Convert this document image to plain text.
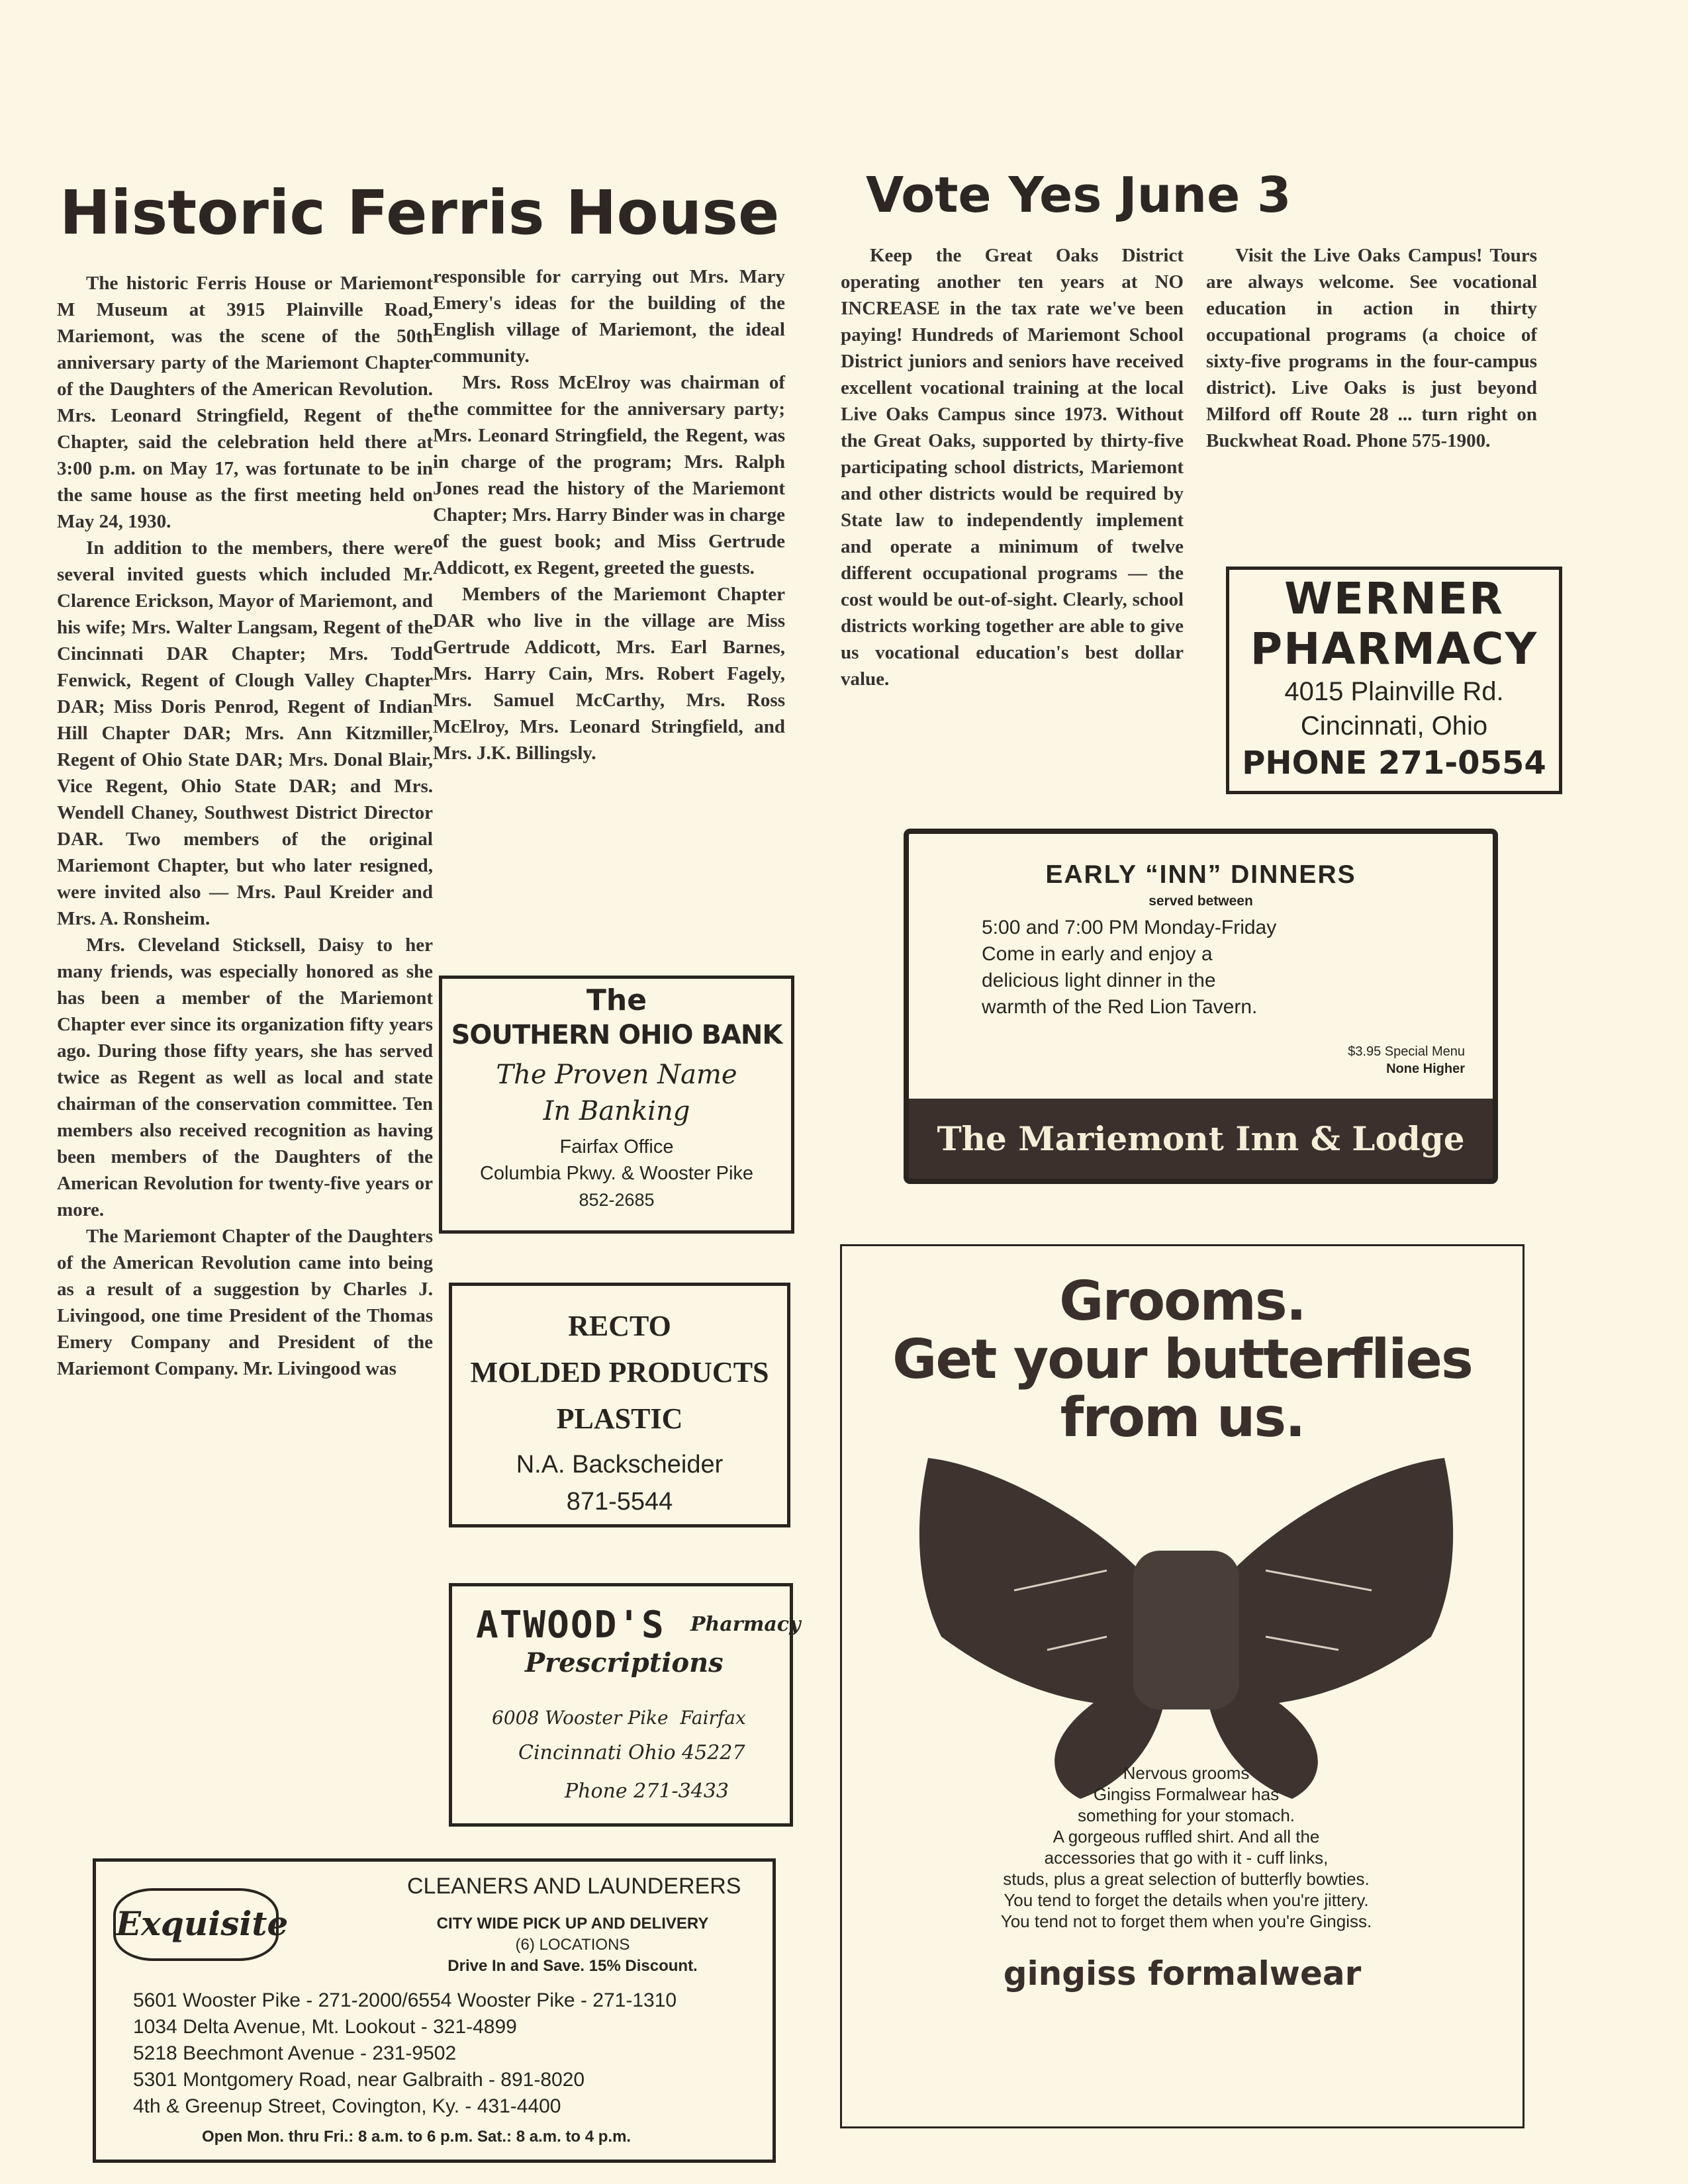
Historic Ferris House

The historic Ferris House or Mariemont M Museum at 3915 Plainville Road, Mariemont, was the scene of the 50th anniversary party of the Mariemont Chapter of the Daughters of the American Revolution. Mrs. Leonard Stringfield, Regent of the Chapter, said the celebration held there at 3:00 p.m. on May 17, was fortunate to be in the same house as the first meeting held on May 24, 1930.

In addition to the members, there were several invited guests which included Mr. Clarence Erickson, Mayor of Mariemont, and his wife; Mrs. Walter Langsam, Regent of the Cincinnati DAR Chapter; Mrs. Todd Fenwick, Regent of Clough Valley Chapter DAR; Miss Doris Penrod, Regent of Indian Hill Chapter DAR; Mrs. Ann Kitzmiller, Regent of Ohio State DAR; Mrs. Donal Blair, Vice Regent, Ohio State DAR; and Mrs. Wendell Chaney, Southwest District Director DAR. Two members of the original Mariemont Chapter, but who later resigned, were invited also — Mrs. Paul Kreider and Mrs. A. Ronsheim.

Mrs. Cleveland Sticksell, Daisy to her many friends, was especially honored as she has been a member of the Mariemont Chapter ever since its organization fifty years ago. During those fifty years, she has served twice as Regent as well as local and state chairman of the conservation committee. Ten members also received recognition as having been members of the Daughters of the American Revolution for twenty-five years or more.

The Mariemont Chapter of the Daughters of the American Revolution came into being as a result of a suggestion by Charles J. Livingood, one time President of the Thomas Emery Company and President of the Mariemont Company. Mr. Livingood was

responsible for carrying out Mrs. Mary Emery's ideas for the building of the English village of Mariemont, the ideal community.

Mrs. Ross McElroy was chairman of the committee for the anniversary party; Mrs. Leonard Stringfield, the Regent, was in charge of the program; Mrs. Ralph Jones read the history of the Mariemont Chapter; Mrs. Harry Binder was in charge of the guest book; and Miss Gertrude Addicott, ex Regent, greeted the guests.

Members of the Mariemont Chapter DAR who live in the village are Miss Gertrude Addicott, Mrs. Earl Barnes, Mrs. Harry Cain, Mrs. Robert Fagely, Mrs. Samuel McCarthy, Mrs. Ross McElroy, Mrs. Leonard Stringfield, and Mrs. J.K. Billingsly.

Vote Yes June 3

Keep the Great Oaks District operating another ten years at NO INCREASE in the tax rate we've been paying! Hundreds of Mariemont School District juniors and seniors have received excellent vocational training at the local Live Oaks Campus since 1973. Without the Great Oaks, supported by thirty-five participating school districts, Mariemont and other districts would be required by State law to independently implement and operate a minimum of twelve different occupational programs — the cost would be out-of-sight. Clearly, school districts working together are able to give us vocational education's best dollar value.

Visit the Live Oaks Campus! Tours are always welcome. See vocational education in action in thirty occupational programs (a choice of sixty-five programs in the four-campus district). Live Oaks is just beyond Milford off Route 28 ... turn right on Buckwheat Road. Phone 575-1900.

WERNER
PHARMACY
4015 Plainville Rd.
Cincinnati, Ohio
PHONE 271-0554
EARLY “INN” DINNERS
served between
5:00 and 7:00 PM Monday-Friday
Come in early and enjoy a
delicious light dinner in the
warmth of the Red Lion Tavern.
$3.95 Special Menu
None Higher
The Mariemont Inn & Lodge
The
SOUTHERN OHIO BANK
The Proven Name
In Banking
Fairfax Office
Columbia Pkwy. & Wooster Pike
852-2685
RECTO
MOLDED PRODUCTS
PLASTIC
N.A. Backscheider
871-5544
ATWOOD'S Pharmacy
Prescriptions
6008 Wooster Pike  Fairfax
Cincinnati Ohio 45227
Phone 271-3433
Grooms.
Get your butterflies
from us.
Nervous grooms
Gingiss Formalwear has
something for your stomach.
A gorgeous ruffled shirt. And all the
accessories that go with it - cuff links,
studs, plus a great selection of butterfly bowties.
You tend to forget the details when you're jittery.
You tend not to forget them when you're Gingiss.
gingiss formalwear
Exquisite
CLEANERS AND LAUNDERERS
CITY WIDE PICK UP AND DELIVERY
(6) LOCATIONS
Drive In and Save. 15% Discount.
5601 Wooster Pike - 271-2000/6554 Wooster Pike - 271-1310
1034 Delta Avenue, Mt. Lookout - 321-4899
5218 Beechmont Avenue - 231-9502
5301 Montgomery Road, near Galbraith - 891-8020
4th & Greenup Street, Covington, Ky. - 431-4400
Open Mon. thru Fri.: 8 a.m. to 6 p.m. Sat.: 8 a.m. to 4 p.m.
